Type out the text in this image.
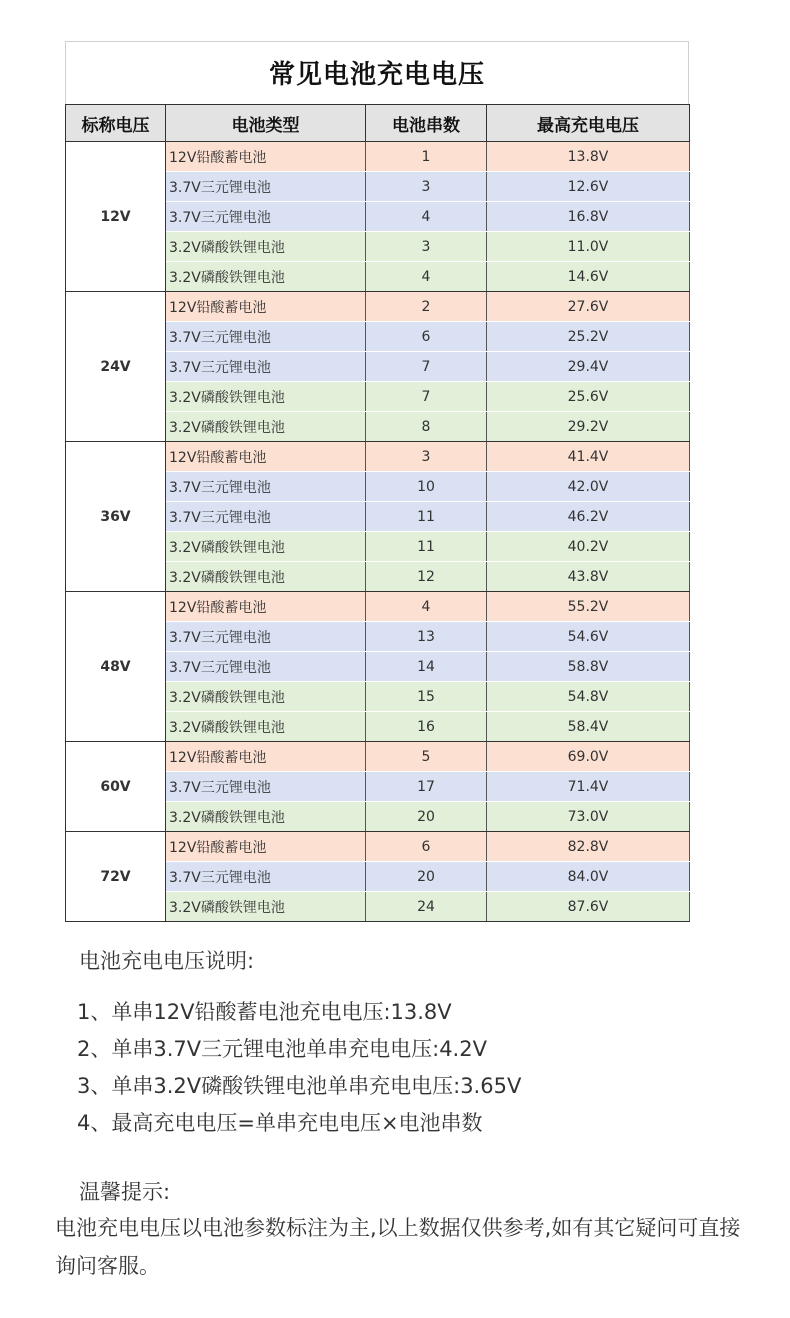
常见电池充电电压
标称电压	电池类型	电池串数	最高充电电压
12V	12V铅酸蓄电池	1	13.8V
	3.7V三元锂电池	3	12.6V
	3.7V三元锂电池	4	16.8V
	3.2V磷酸铁锂电池	3	11.0V
	3.2V磷酸铁锂电池	4	14.6V
24V	12V铅酸蓄电池	2	27.6V
	3.7V三元锂电池	6	25.2V
	3.7V三元锂电池	7	29.4V
	3.2V磷酸铁锂电池	7	25.6V
	3.2V磷酸铁锂电池	8	29.2V
36V	12V铅酸蓄电池	3	41.4V
	3.7V三元锂电池	10	42.0V
	3.7V三元锂电池	11	46.2V
	3.2V磷酸铁锂电池	11	40.2V
	3.2V磷酸铁锂电池	12	43.8V
48V	12V铅酸蓄电池	4	55.2V
	3.7V三元锂电池	13	54.6V
	3.7V三元锂电池	14	58.8V
	3.2V磷酸铁锂电池	15	54.8V
	3.2V磷酸铁锂电池	16	58.4V
60V	12V铅酸蓄电池	5	69.0V
	3.7V三元锂电池	17	71.4V
	3.2V磷酸铁锂电池	20	73.0V
72V	12V铅酸蓄电池	6	82.8V
	3.7V三元锂电池	20	84.0V
	3.2V磷酸铁锂电池	24	87.6V
电池充电电压说明:
1、单串12V铅酸蓄电池充电电压:13.8V
2、单串3.7V三元锂电池单串充电电压:4.2V
3、单串3.2V磷酸铁锂电池单串充电电压:3.65V
4、最高充电电压=单串充电电压×电池串数
温馨提示:
电池充电电压以电池参数标注为主,以上数据仅供参考,如有其它疑问可直接询问客服。
